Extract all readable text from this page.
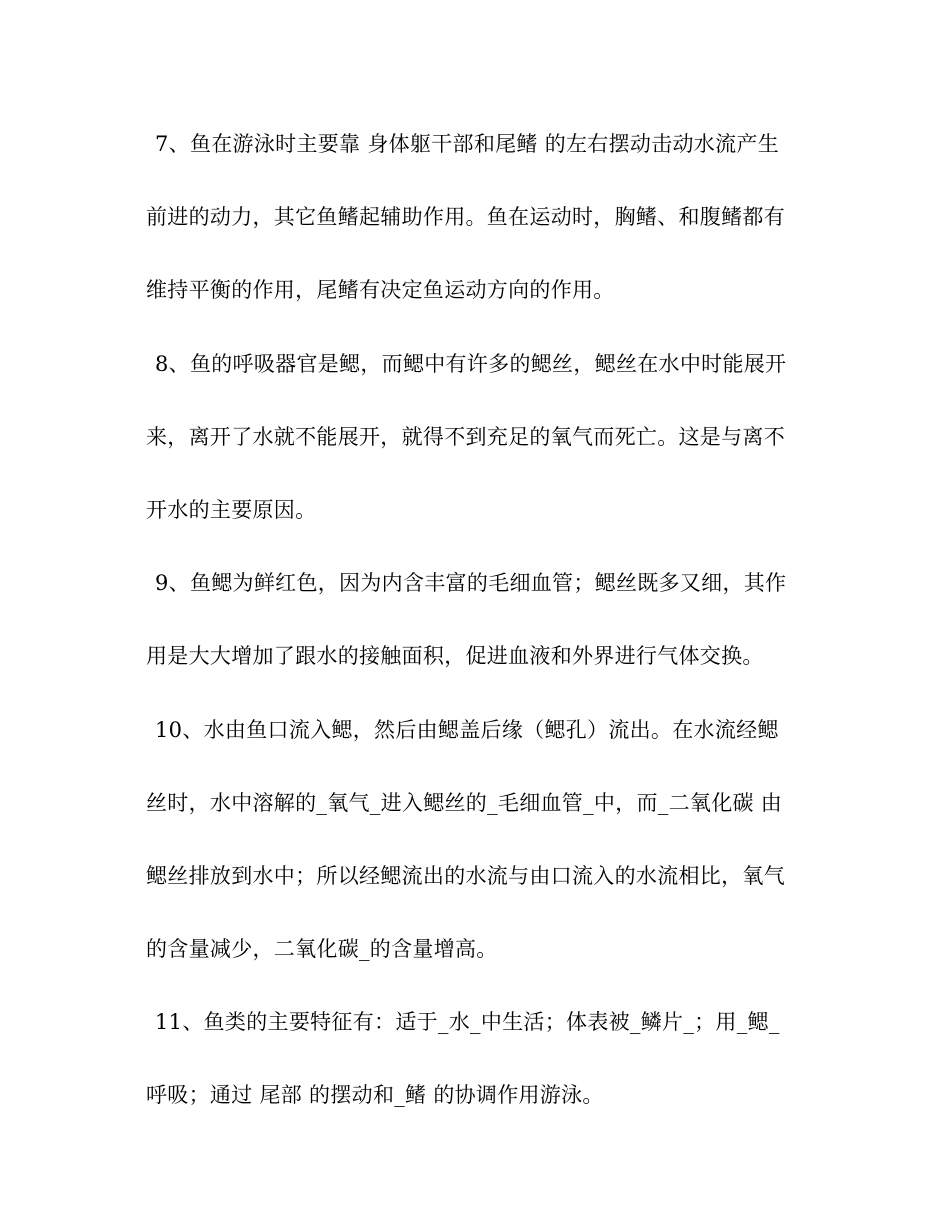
7、鱼在游泳时主要靠 身体躯干部和尾鳍 的左右摆动击动水流产生
前进的动力，其它鱼鳍起辅助作用。鱼在运动时，胸鳍、和腹鳍都有
维持平衡的作用，尾鳍有决定鱼运动方向的作用。
8、鱼的呼吸器官是鳃，而鳃中有许多的鳃丝，鳃丝在水中时能展开
来，离开了水就不能展开，就得不到充足的氧气而死亡。这是与离不
开水的主要原因。
9、鱼鳃为鲜红色，因为内含丰富的毛细血管；鳃丝既多又细，其作
用是大大增加了跟水的接触面积，促进血液和外界进行气体交换。
10、水由鱼口流入鳃，然后由鳃盖后缘（鳃孔）流出。在水流经鳃
丝时，水中溶解的_氧气_进入鳃丝的_毛细血管_中，而_二氧化碳 由
鳃丝排放到水中；所以经鳃流出的水流与由口流入的水流相比，氧气
的含量减少，二氧化碳_的含量增高。
11、鱼类的主要特征有：适于_水_中生活；体表被_鳞片_；用_鳃_
呼吸；通过 尾部 的摆动和_鳍 的协调作用游泳。
